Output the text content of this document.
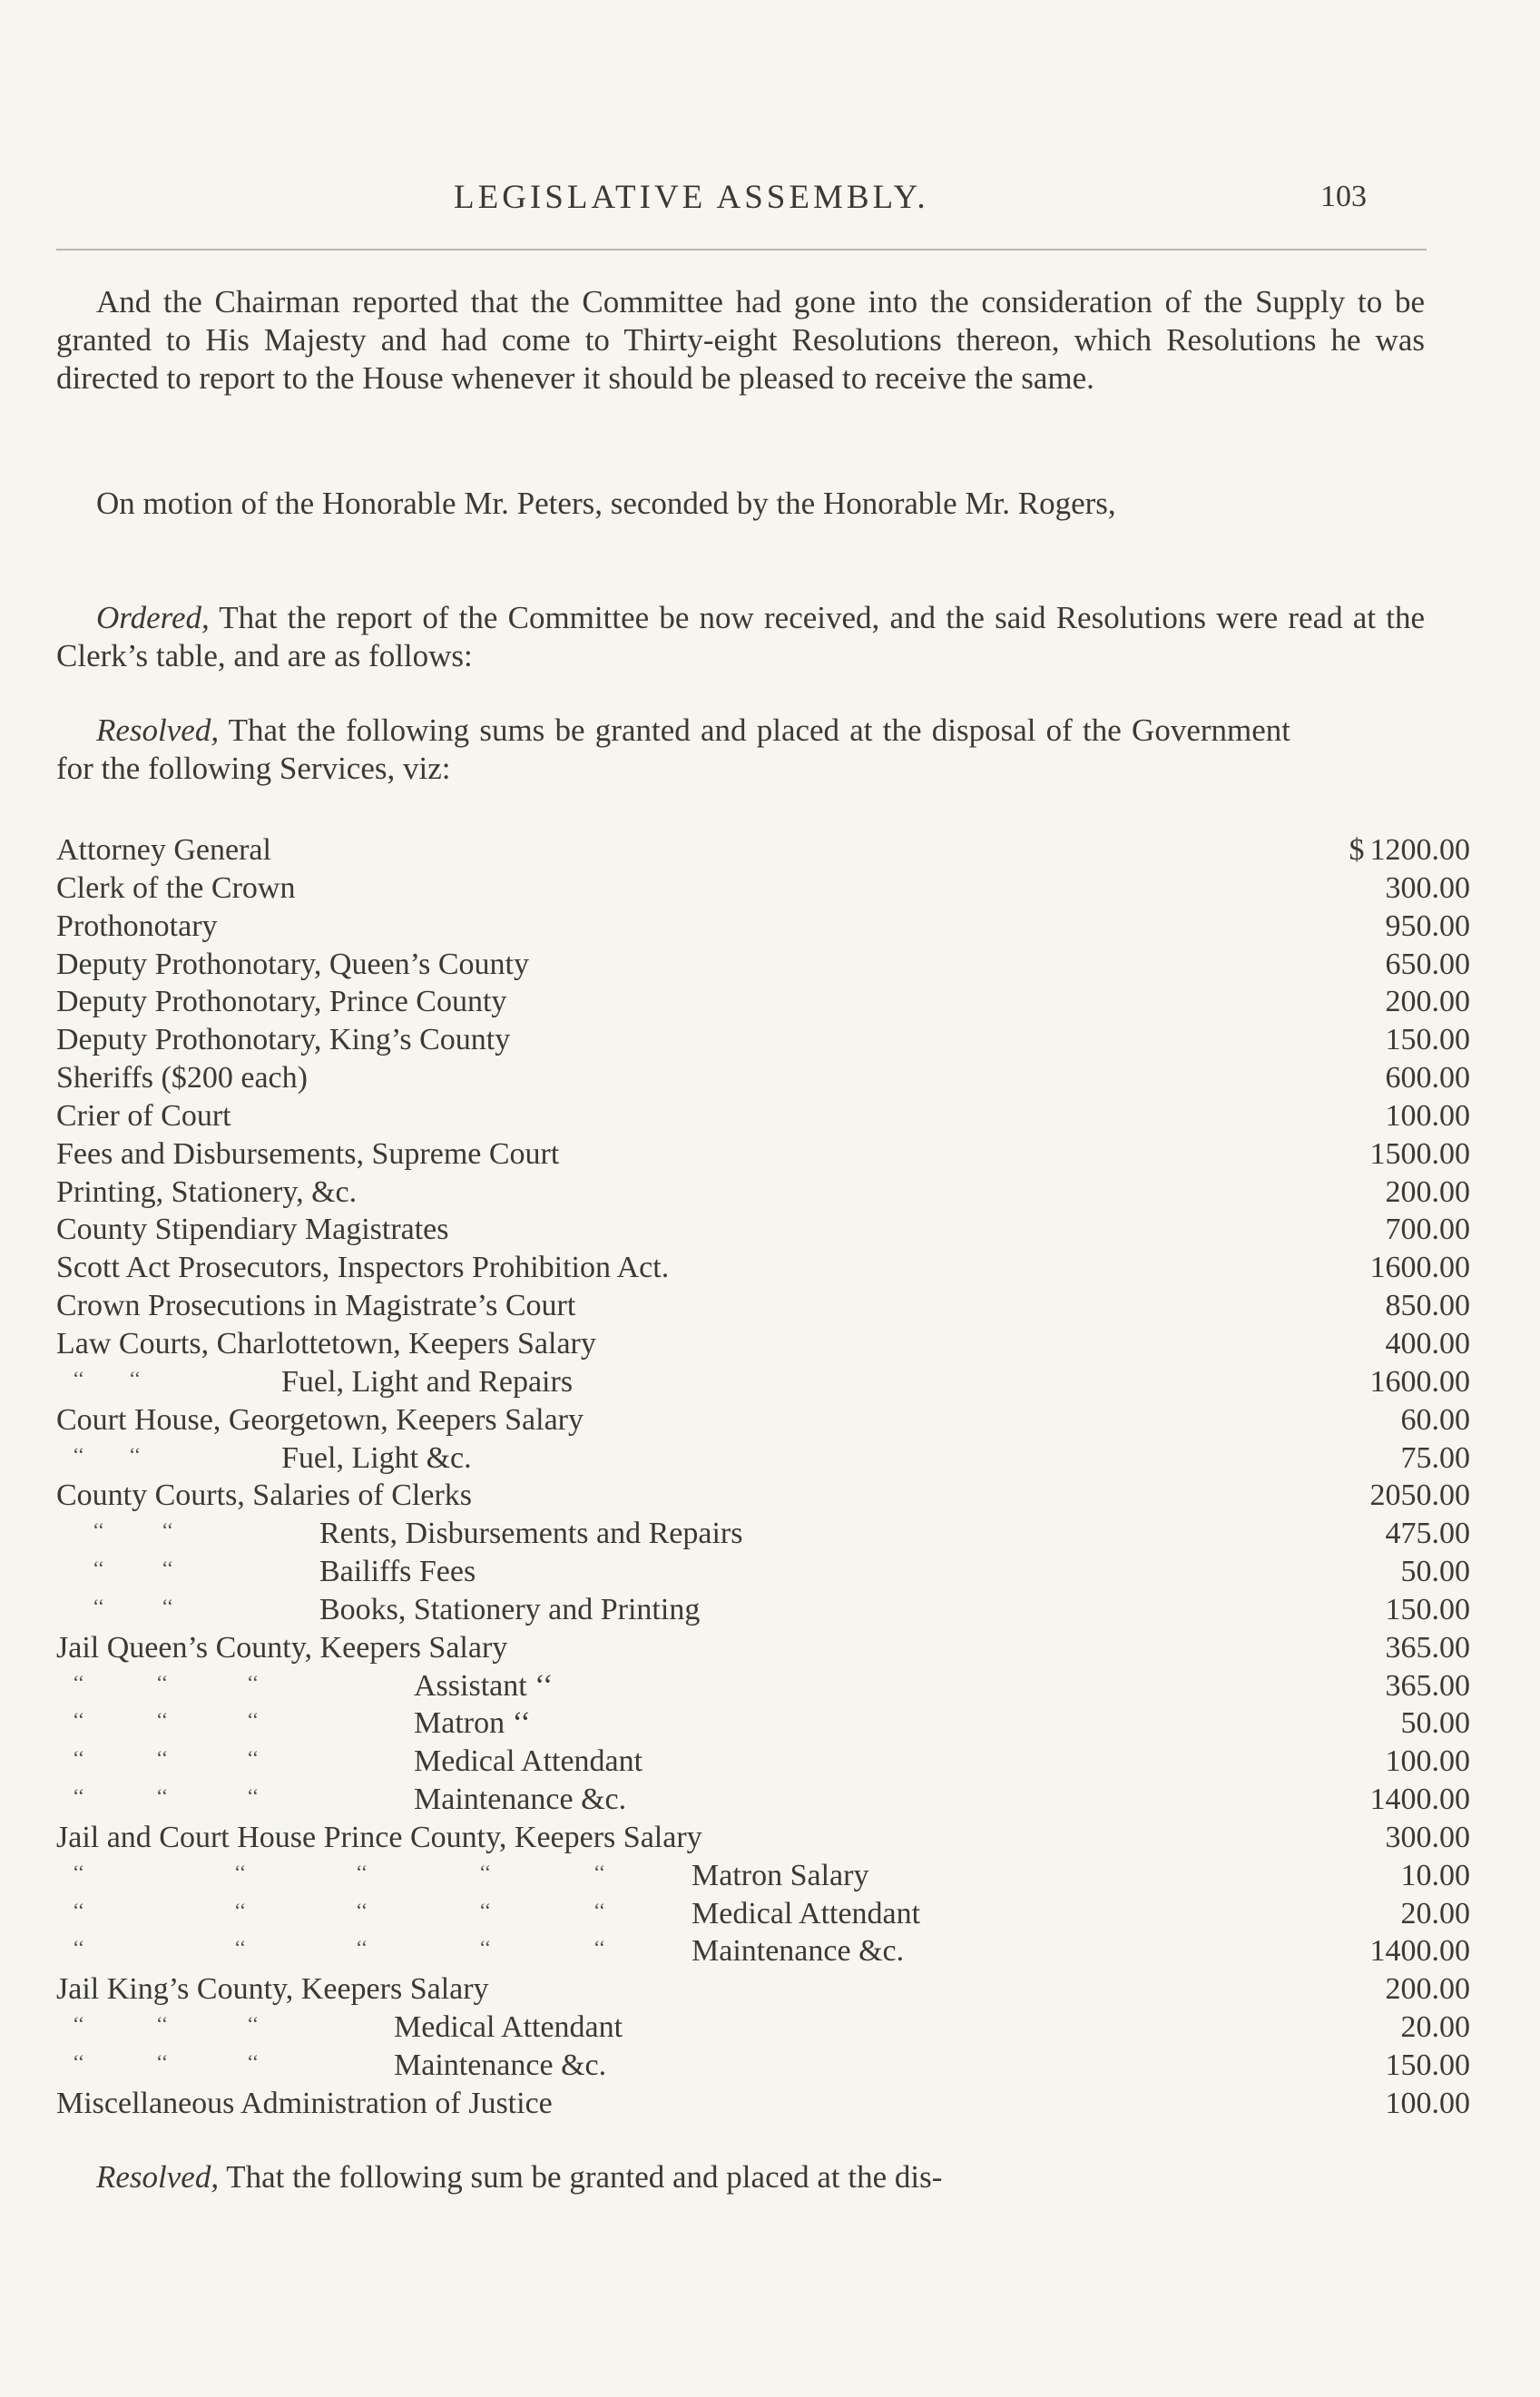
LEGISLATIVE ASSEMBLY.	103

And the Chairman reported that the Committee had gone into the consideration of the Supply to be granted to His Majesty and had come to Thirty-eight Resolutions thereon, which Resolutions he was directed to report to the House whenever it should be pleased to receive the same.

On motion of the Honorable Mr. Peters, seconded by the Honorable Mr. Rogers,

Ordered, That the report of the Committee be now received, and the said Resolutions were read at the Clerk’s table, and are as follows:

Resolved, That the following sums be granted and placed at the disposal of the Government for the following Services, viz:

Attorney General	$ 1200.00
Clerk of the Crown	300.00
Prothonotary	950.00
Deputy Prothonotary, Queen’s County	650.00
Deputy Prothonotary, Prince County	200.00
Deputy Prothonotary, King’s County	150.00
Sheriffs ($200 each)	600.00
Crier of Court	100.00
Fees and Disbursements, Supreme Court	1500.00
Printing, Stationery, &c.	200.00
County Stipendiary Magistrates	700.00
Scott Act Prosecutors, Inspectors Prohibition Act.	1600.00
Crown Prosecutions in Magistrate’s Court	850.00
Law Courts, Charlottetown, Keepers Salary	400.00
‘‘ ‘‘	Fuel, Light and Repairs	1600.00
Court House, Georgetown, Keepers Salary	60.00
‘‘ ‘‘	Fuel, Light &c.	75.00
County Courts, Salaries of Clerks	2050.00
‘‘	‘‘	Rents, Disbursements and Repairs	475.00
‘‘	‘‘	Bailiffs Fees	50.00
‘‘	‘‘	Books, Stationery and Printing	150.00
Jail Queen’s County, Keepers Salary	365.00
‘‘	‘‘	‘‘	Assistant ‘‘	365.00
‘‘	‘‘	‘‘	Matron ‘‘	50.00
‘‘	‘‘	‘‘	Medical Attendant	100.00
‘‘	‘‘	‘‘	Maintenance &c.	1400.00
Jail and Court House Prince County, Keepers Salary	300.00
‘‘	‘‘	‘‘	‘‘	‘‘	Matron Salary	10.00
‘‘	‘‘	‘‘	‘‘	‘‘	Medical Attendant	20.00
‘‘	‘‘	‘‘	‘‘	‘‘	Maintenance &c.	1400.00
Jail King’s County, Keepers Salary	200.00
‘‘	‘‘	‘‘	Medical Attendant	20.00
‘‘	‘‘	‘‘	Maintenance &c.	150.00
Miscellaneous Administration of Justice	100.00

Resolved, That the following sum be granted and placed at the dis-
